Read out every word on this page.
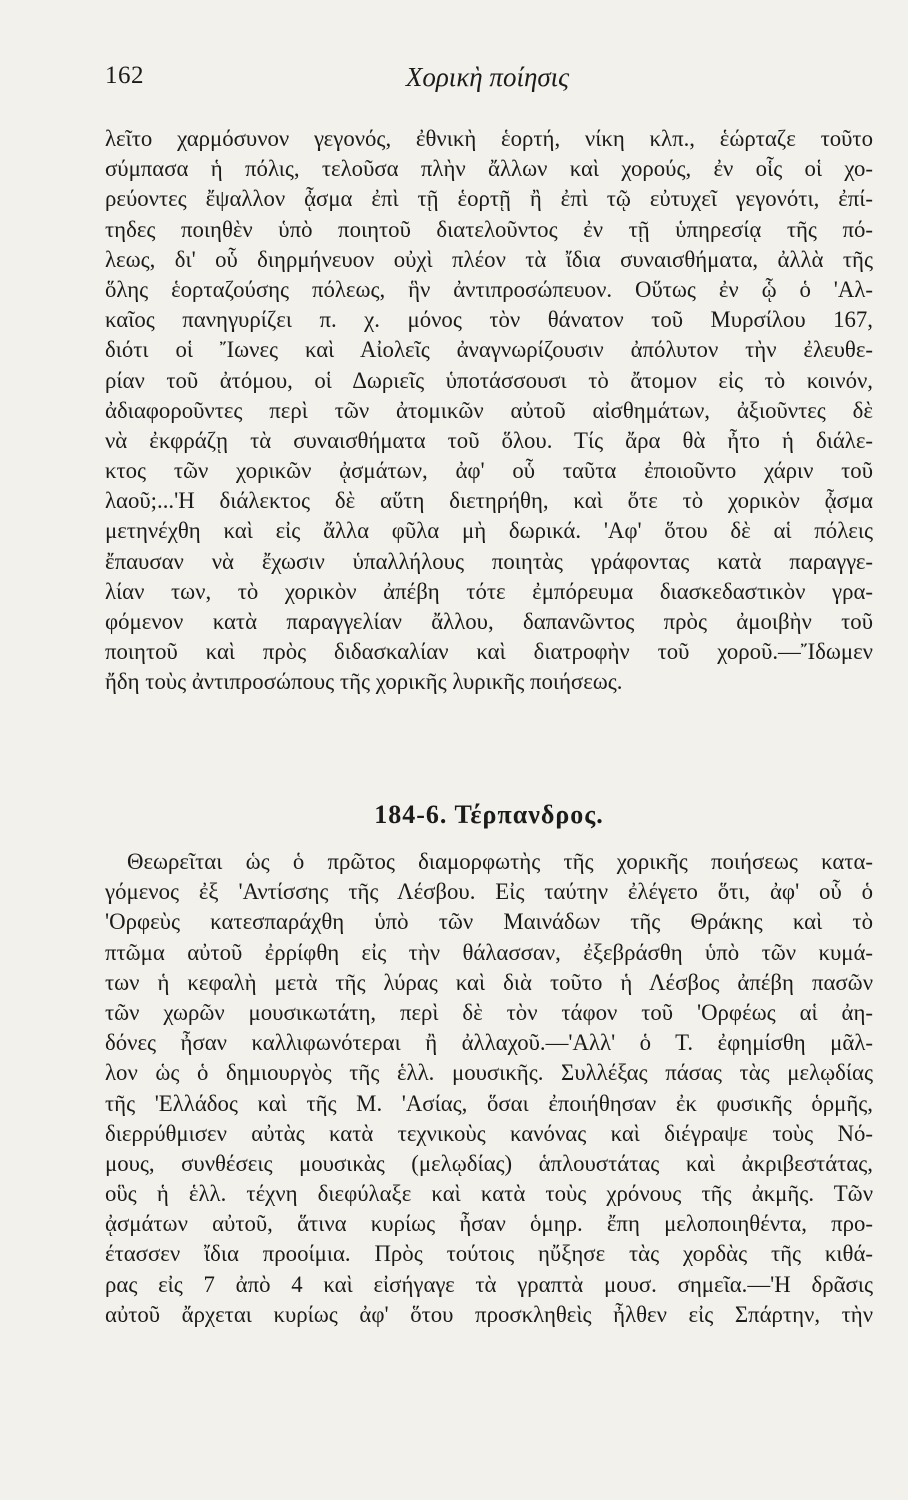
162	Χορικὴ ποίησις
λεῖτο χαρμόσυνον γεγονός, ἐθνικὴ ἑορτή, νίκη κλπ., ἑώρταζε τοῦτο
σύμπασα ἡ πόλις, τελοῦσα πλὴν ἄλλων καὶ χορούς, ἐν οἷς οἱ χο-
ρεύοντες ἔψαλλον ᾆσμα ἐπὶ τῇ ἑορτῇ ἢ ἐπὶ τῷ εὐτυχεῖ γεγονότι, ἐπί-
τηδες ποιηθὲν ὑπὸ ποιητοῦ διατελοῦντος ἐν τῇ ὑπηρεσίᾳ τῆς πό-
λεως, δι' οὗ διηρμήνευον οὐχὶ πλέον τὰ ἴδια συναισθήματα, ἀλλὰ τῆς
ὅλης ἑορταζούσης πόλεως, ἣν ἀντιπροσώπευον. Οὕτως ἐν ᾧ ὁ 'Αλ-
καῖος πανηγυρίζει π. χ. μόνος τὸν θάνατον τοῦ Μυρσίλου 167,
διότι οἱ Ἴωνες καὶ Αἰολεῖς ἀναγνωρίζουσιν ἀπόλυτον τὴν ἐλευθε-
ρίαν τοῦ ἀτόμου, οἱ Δωριεῖς ὑποτάσσουσι τὸ ἄτομον εἰς τὸ κοινόν,
ἀδιαφοροῦντες περὶ τῶν ἀτομικῶν αὐτοῦ αἰσθημάτων, ἀξιοῦντες δὲ
νὰ ἐκφράζῃ τὰ συναισθήματα τοῦ ὅλου. Τίς ἄρα θὰ ἦτο ἡ διάλε-
κτος τῶν χορικῶν ᾀσμάτων, ἀφ' οὗ ταῦτα ἐποιοῦντο χάριν τοῦ
λαοῦ;...'Η διάλεκτος δὲ αὕτη διετηρήθη, καὶ ὅτε τὸ χορικὸν ᾆσμα
μετηνέχθη καὶ εἰς ἄλλα φῦλα μὴ δωρικά. 'Αφ' ὅτου δὲ αἱ πόλεις
ἔπαυσαν νὰ ἔχωσιν ὑπαλλήλους ποιητὰς γράφοντας κατὰ παραγγε-
λίαν των, τὸ χορικὸν ἀπέβη τότε ἐμπόρευμα διασκεδαστικὸν γρα-
φόμενον κατὰ παραγγελίαν ἄλλου, δαπανῶντος πρὸς ἀμοιβὴν τοῦ
ποιητοῦ καὶ πρὸς διδασκαλίαν καὶ διατροφὴν τοῦ χοροῦ.—Ἴδωμεν
ἤδη τοὺς ἀντιπροσώπους τῆς χορικῆς λυρικῆς ποιήσεως.
184-6. Τέρπανδρος.
Θεωρεῖται ὡς ὁ πρῶτος διαμορφωτὴς τῆς χορικῆς ποιήσεως κατα-
γόμενος ἐξ 'Αντίσσης τῆς Λέσβου. Εἰς ταύτην ἐλέγετο ὅτι, ἀφ' οὗ ὁ
'Ορφεὺς κατεσπαράχθη ὑπὸ τῶν Μαινάδων τῆς Θράκης καὶ τὸ
πτῶμα αὐτοῦ ἐρρίφθη εἰς τὴν θάλασσαν, ἐξεβράσθη ὑπὸ τῶν κυμά-
των ἡ κεφαλὴ μετὰ τῆς λύρας καὶ διὰ τοῦτο ἡ Λέσβος ἀπέβη πασῶν
τῶν χωρῶν μουσικωτάτη, περὶ δὲ τὸν τάφον τοῦ 'Ορφέως αἱ ἀη-
δόνες ἦσαν καλλιφωνότεραι ἢ ἀλλαχοῦ.—'Αλλ' ὁ Τ. ἐφημίσθη μᾶλ-
λον ὡς ὁ δημιουργὸς τῆς ἑλλ. μουσικῆς. Συλλέξας πάσας τὰς μελῳδίας
τῆς 'Ελλάδος καὶ τῆς Μ. 'Ασίας, ὅσαι ἐποιήθησαν ἐκ φυσικῆς ὁρμῆς,
διερρύθμισεν αὐτὰς κατὰ τεχνικοὺς κανόνας καὶ διέγραψε τοὺς Νό-
μους, συνθέσεις μουσικὰς (μελῳδίας) ἁπλουστάτας καὶ ἀκριβεστάτας,
οὓς ἡ ἑλλ. τέχνη διεφύλαξε καὶ κατὰ τοὺς χρόνους τῆς ἀκμῆς. Τῶν
ᾀσμάτων αὐτοῦ, ἅτινα κυρίως ἦσαν ὁμηρ. ἔπη μελοποιηθέντα, προ-
έτασσεν ἴδια προοίμια. Πρὸς τούτοις ηὔξησε τὰς χορδὰς τῆς κιθά-
ρας εἰς 7 ἀπὸ 4 καὶ εἰσήγαγε τὰ γραπτὰ μουσ. σημεῖα.—'Η δρᾶσις
αὐτοῦ ἄρχεται κυρίως ἀφ' ὅτου προσκληθεὶς ἦλθεν εἰς Σπάρτην, τὴν
